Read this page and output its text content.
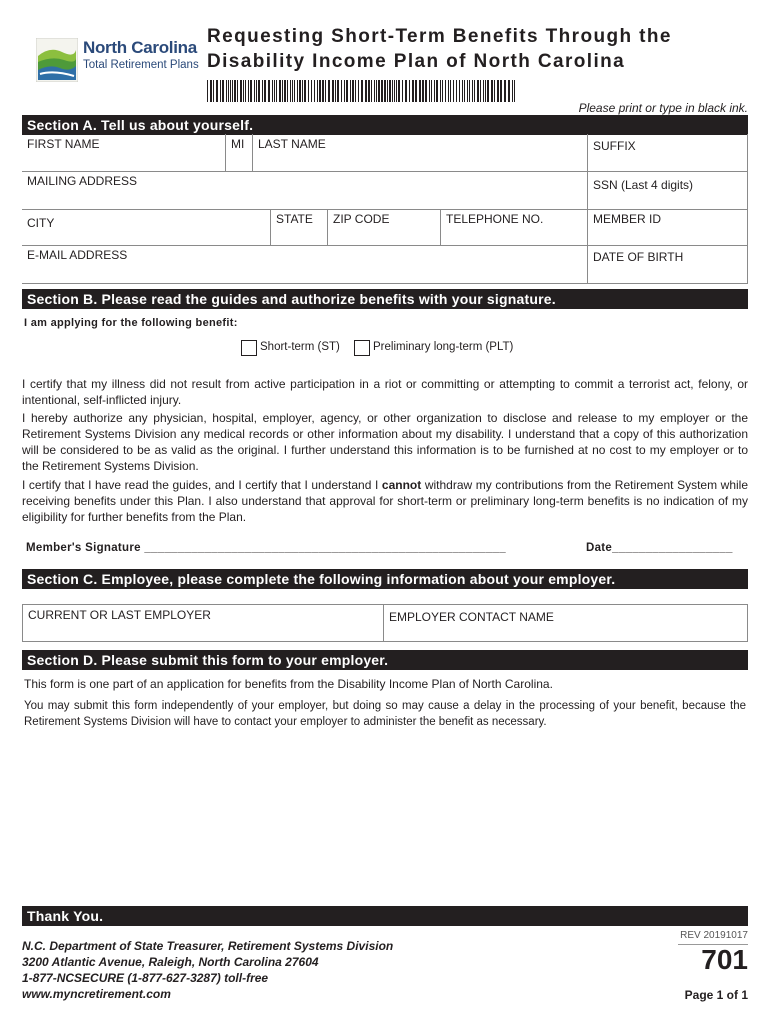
North Carolina
Total Retirement Plans
Requesting Short-Term Benefits Through the
Disability Income Plan of North Carolina
Please print or type in black ink.
Section A. Tell us about yourself.
FIRST NAME	MI	LAST NAME	SUFFIX
MAILING ADDRESS	SSN (Last 4 digits)
CITY	STATE	ZIP CODE	TELEPHONE NO.	MEMBER ID
E-MAIL ADDRESS	DATE OF BIRTH
Section B. Please read the guides and authorize benefits with your signature.
I am applying for the following benefit:
Short-term (ST)	Preliminary long-term (PLT)
I certify that my illness did not result from active participation in a riot or committing or attempting to commit a terrorist act, felony, or intentional, self-inflicted injury.
I hereby authorize any physician, hospital, employer, agency, or other organization to disclose and release to my employer or the Retirement Systems Division any medical records or other information about my disability. I understand that a copy of this authorization will be considered to be as valid as the original. I further understand this information is to be furnished at no cost to my employer or to the Retirement Systems Division.
I certify that I have read the guides, and I certify that I understand I cannot withdraw my contributions from the Retirement System while receiving benefits under this Plan. I also understand that approval for short-term or preliminary long-term benefits is no indication of my eligibility for further benefits from the Plan.
Member's Signature ______________________________________________________	Date__________________
Section C. Employee, please complete the following information about your employer.
CURRENT OR LAST EMPLOYER	EMPLOYER CONTACT NAME
Section D. Please submit this form to your employer.
This form is one part of an application for benefits from the Disability Income Plan of North Carolina.
You may submit this form independently of your employer, but doing so may cause a delay in the processing of your benefit, because the Retirement Systems Division will have to contact your employer to administer the benefit as necessary.
Thank You.
N.C. Department of State Treasurer, Retirement Systems Division
3200 Atlantic Avenue, Raleigh, North Carolina 27604
1-877-NCSECURE (1-877-627-3287) toll-free
www.myncretirement.com
REV 20191017
701
Page 1 of 1
